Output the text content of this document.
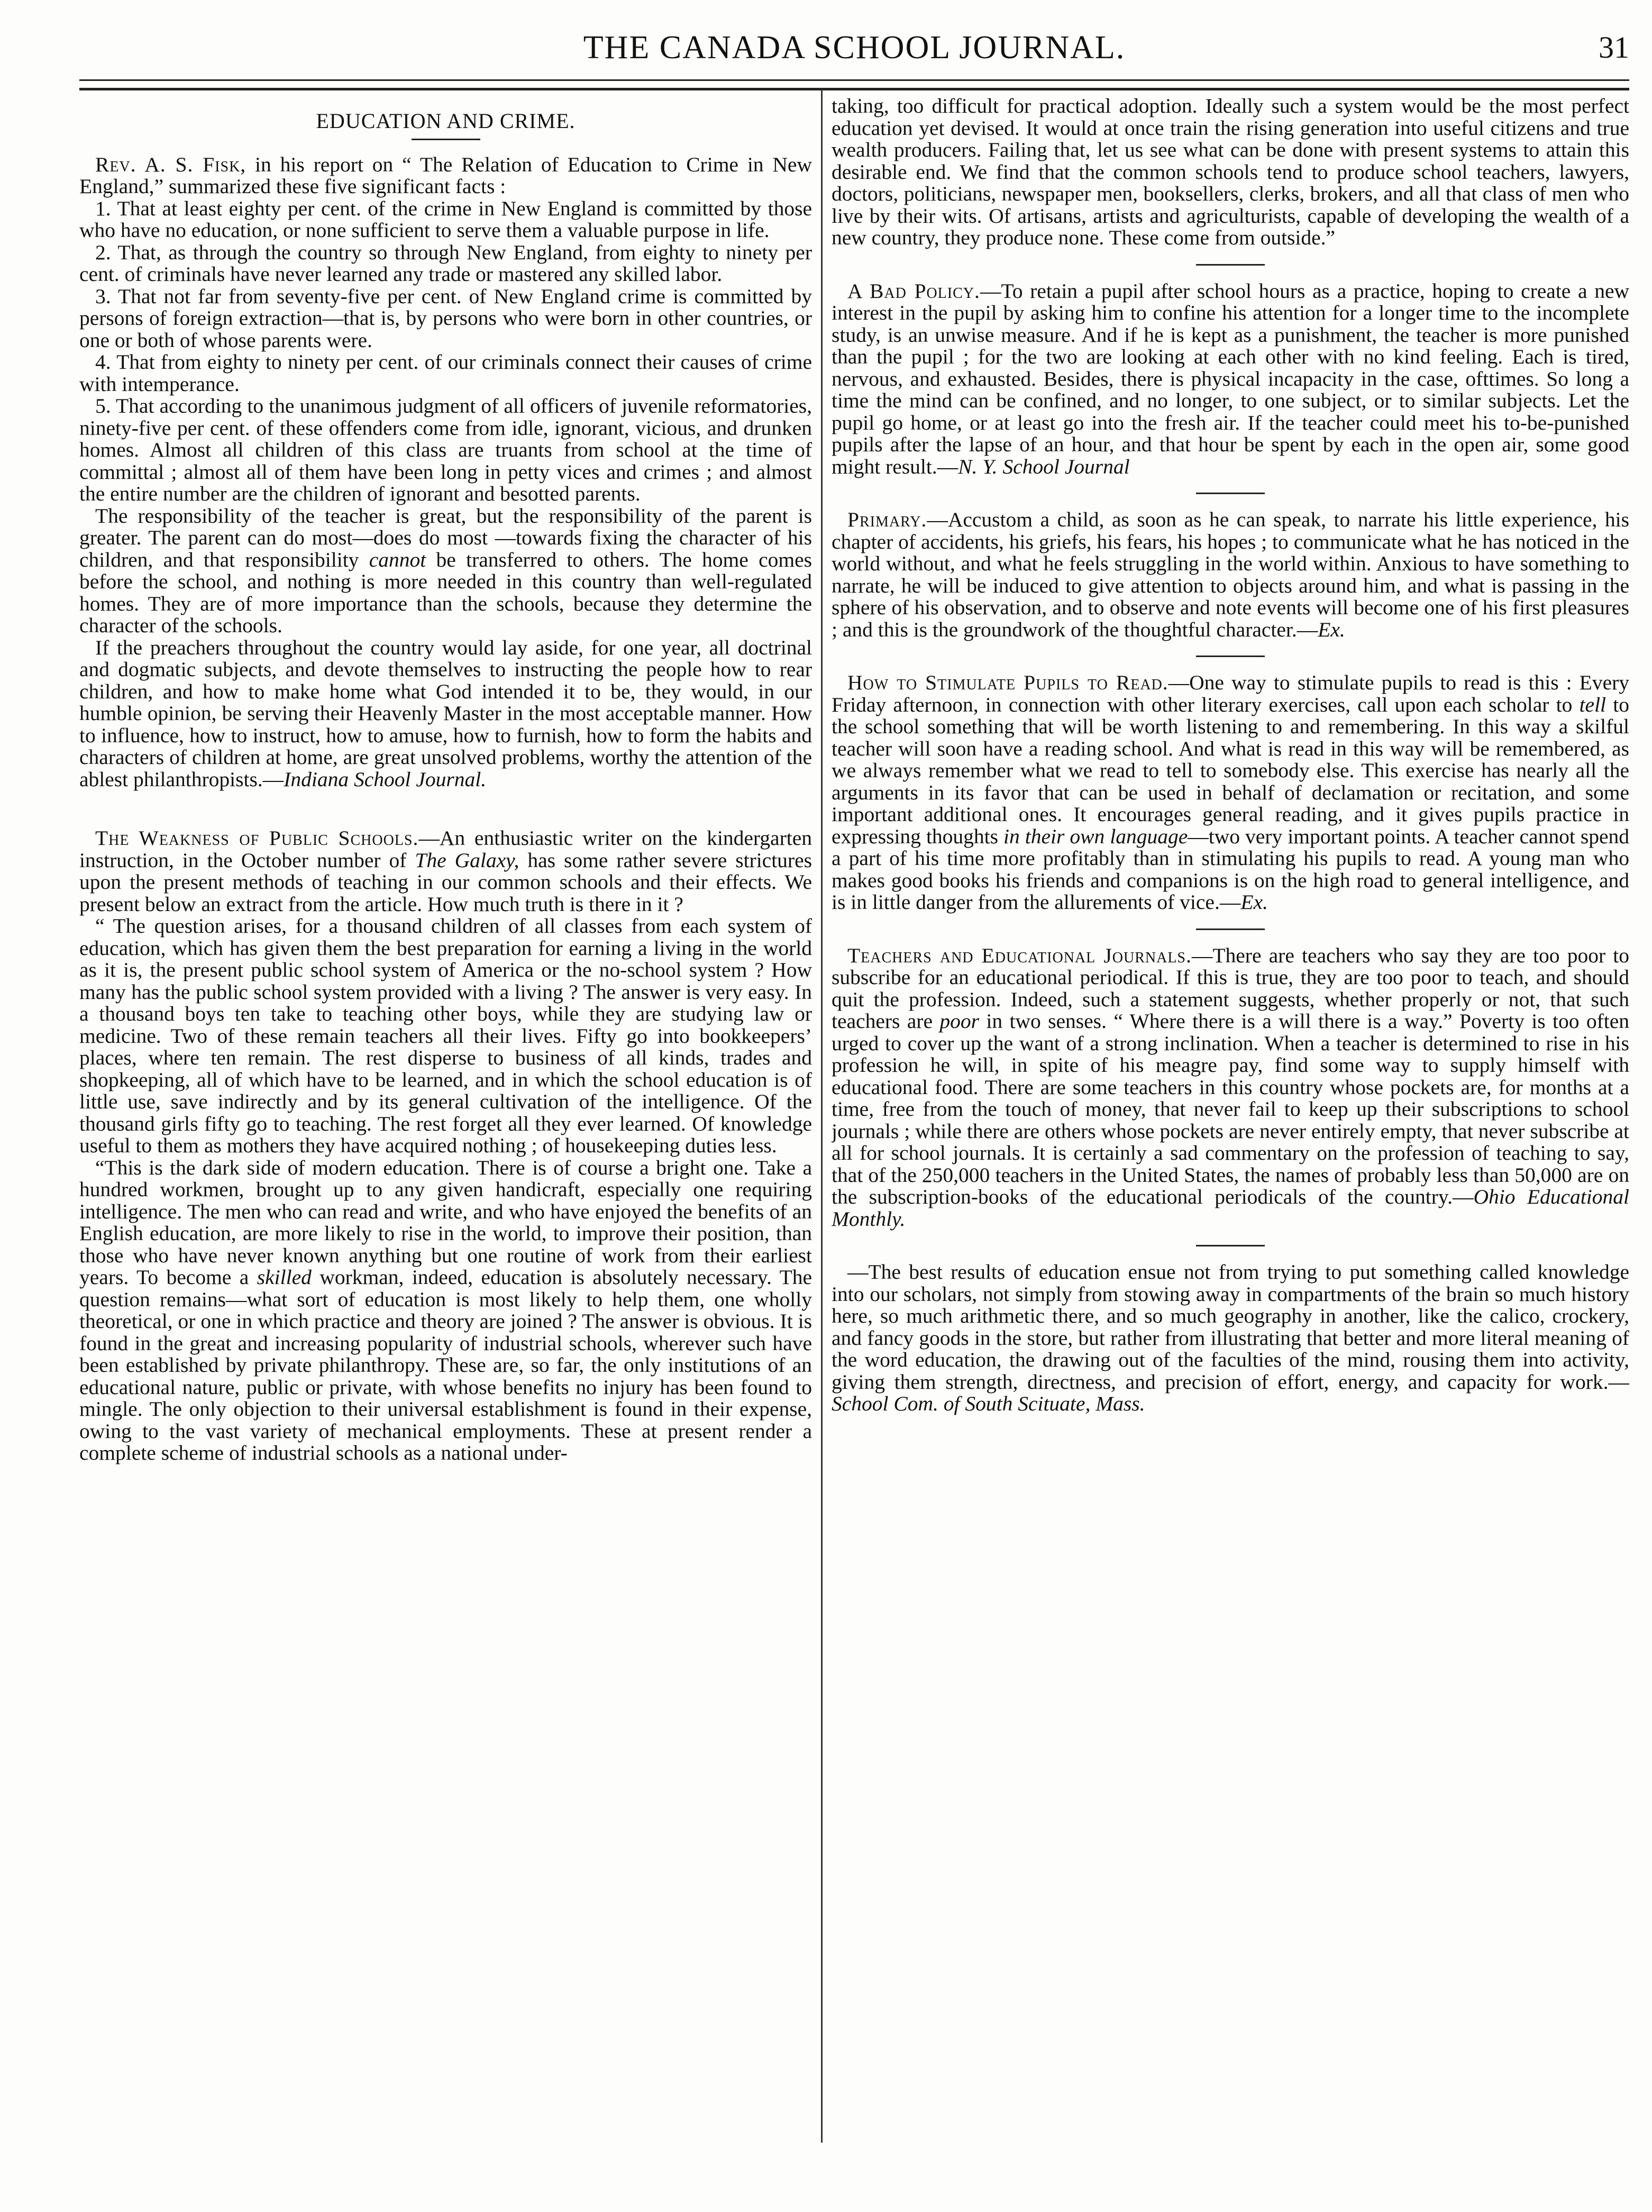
THE CANADA SCHOOL JOURNAL.	31
EDUCATION AND CRIME.

Rev. A. S. Fisk, in his report on “ The Relation of Education to Crime in New England,” summarized these five significant facts :

1. That at least eighty per cent. of the crime in New England is committed by those who have no education, or none sufficient to serve them a valuable purpose in life.

2. That, as through the country so through New England, from eighty to ninety per cent. of criminals have never learned any trade or mastered any skilled labor.

3. That not far from seventy-five per cent. of New England crime is committed by persons of foreign extraction—that is, by persons who were born in other countries, or one or both of whose parents were.

4. That from eighty to ninety per cent. of our criminals connect their causes of crime with intemperance.

5. That according to the unanimous judgment of all officers of juvenile reformatories, ninety-five per cent. of these offenders come from idle, ignorant, vicious, and drunken homes. Almost all children of this class are truants from school at the time of committal ; almost all of them have been long in petty vices and crimes ; and almost the entire number are the children of ignorant and besotted parents.

The responsibility of the teacher is great, but the responsibility of the parent is greater. The parent can do most—does do most —towards fixing the character of his children, and that responsibility cannot be transferred to others. The home comes before the school, and nothing is more needed in this country than well-regulated homes. They are of more importance than the schools, because they determine the character of the schools.

If the preachers throughout the country would lay aside, for one year, all doctrinal and dogmatic subjects, and devote themselves to instructing the people how to rear children, and how to make home what God intended it to be, they would, in our humble opinion, be serving their Heavenly Master in the most acceptable manner. How to influence, how to instruct, how to amuse, how to furnish, how to form the habits and characters of children at home, are great unsolved problems, worthy the attention of the ablest philanthropists.—Indiana School Journal.

The Weakness of Public Schools.—An enthusiastic writer on the kindergarten instruction, in the October number of The Galaxy, has some rather severe strictures upon the present methods of teaching in our common schools and their effects. We present below an extract from the article. How much truth is there in it ?

“ The question arises, for a thousand children of all classes from each system of education, which has given them the best preparation for earning a living in the world as it is, the present public school system of America or the no-school system ? How many has the public school system provided with a living ? The answer is very easy. In a thousand boys ten take to teaching other boys, while they are studying law or medicine. Two of these remain teachers all their lives. Fifty go into bookkeepers’ places, where ten remain. The rest disperse to business of all kinds, trades and shopkeeping, all of which have to be learned, and in which the school education is of little use, save indirectly and by its general cultivation of the intelligence. Of the thousand girls fifty go to teaching. The rest forget all they ever learned. Of knowledge useful to them as mothers they have acquired nothing ; of housekeeping duties less.

“This is the dark side of modern education. There is of course a bright one. Take a hundred workmen, brought up to any given handicraft, especially one requiring intelligence. The men who can read and write, and who have enjoyed the benefits of an English education, are more likely to rise in the world, to improve their position, than those who have never known anything but one routine of work from their earliest years. To become a skilled workman, indeed, education is absolutely necessary. The question remains—what sort of education is most likely to help them, one wholly theoretical, or one in which practice and theory are joined ? The answer is obvious. It is found in the great and increasing popularity of industrial schools, wherever such have been established by private philanthropy. These are, so far, the only institutions of an educational nature, public or private, with whose benefits no injury has been found to mingle. The only objection to their universal establishment is found in their expense, owing to the vast variety of mechanical employments. These at present render a complete scheme of industrial schools as a national under-

taking, too difficult for practical adoption. Ideally such a system would be the most perfect education yet devised. It would at once train the rising generation into useful citizens and true wealth producers. Failing that, let us see what can be done with present systems to attain this desirable end. We find that the common schools tend to produce school teachers, lawyers, doctors, politicians, newspaper men, booksellers, clerks, brokers, and all that class of men who live by their wits. Of artisans, artists and agriculturists, capable of developing the wealth of a new country, they produce none. These come from outside.”

A Bad Policy.—To retain a pupil after school hours as a practice, hoping to create a new interest in the pupil by asking him to confine his attention for a longer time to the incomplete study, is an unwise measure. And if he is kept as a punishment, the teacher is more punished than the pupil ; for the two are looking at each other with no kind feeling. Each is tired, nervous, and exhausted. Besides, there is physical incapacity in the case, ofttimes. So long a time the mind can be confined, and no longer, to one subject, or to similar subjects. Let the pupil go home, or at least go into the fresh air. If the teacher could meet his to-be-punished pupils after the lapse of an hour, and that hour be spent by each in the open air, some good might result.—N. Y. School Journal

Primary.—Accustom a child, as soon as he can speak, to narrate his little experience, his chapter of accidents, his griefs, his fears, his hopes ; to communicate what he has noticed in the world without, and what he feels struggling in the world within. Anxious to have something to narrate, he will be induced to give attention to objects around him, and what is passing in the sphere of his observation, and to observe and note events will become one of his first pleasures ; and this is the groundwork of the thoughtful character.—Ex.

How to Stimulate Pupils to Read.—One way to stimulate pupils to read is this : Every Friday afternoon, in connection with other literary exercises, call upon each scholar to tell to the school something that will be worth listening to and remembering. In this way a skilful teacher will soon have a reading school. And what is read in this way will be remembered, as we always remember what we read to tell to somebody else. This exercise has nearly all the arguments in its favor that can be used in behalf of declamation or recitation, and some important additional ones. It encourages general reading, and it gives pupils practice in expressing thoughts in their own language—two very important points. A teacher cannot spend a part of his time more profitably than in stimulating his pupils to read. A young man who makes good books his friends and companions is on the high road to general intelligence, and is in little danger from the allurements of vice.—Ex.

Teachers and Educational Journals.—There are teachers who say they are too poor to subscribe for an educational periodical. If this is true, they are too poor to teach, and should quit the profession. Indeed, such a statement suggests, whether properly or not, that such teachers are poor in two senses. “ Where there is a will there is a way.” Poverty is too often urged to cover up the want of a strong inclination. When a teacher is determined to rise in his profession he will, in spite of his meagre pay, find some way to supply himself with educational food. There are some teachers in this country whose pockets are, for months at a time, free from the touch of money, that never fail to keep up their subscriptions to school journals ; while there are others whose pockets are never entirely empty, that never subscribe at all for school journals. It is certainly a sad commentary on the profession of teaching to say, that of the 250,000 teachers in the United States, the names of probably less than 50,000 are on the subscription-books of the educational periodicals of the country.—Ohio Educational Monthly.

—The best results of education ensue not from trying to put something called knowledge into our scholars, not simply from stowing away in compartments of the brain so much history here, so much arithmetic there, and so much geography in another, like the calico, crockery, and fancy goods in the store, but rather from illustrating that better and more literal meaning of the word education, the drawing out of the faculties of the mind, rousing them into activity, giving them strength, directness, and precision of effort, energy, and capacity for work.—School Com. of South Scituate, Mass.
